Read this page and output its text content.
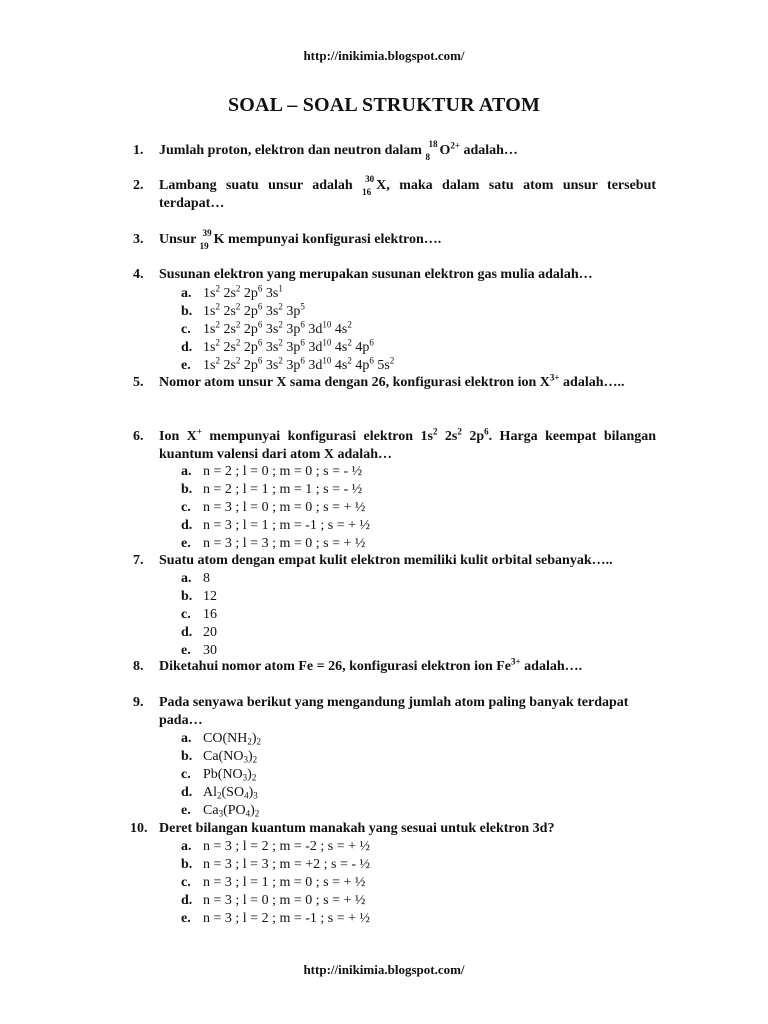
http://inikimia.blogspot.com/
SOAL – SOAL STRUKTUR ATOM
1. Jumlah proton, elektron dan neutron dalam 18
8 $O^{2+}$ adalah…
2. Lambang suatu unsur adalah 30
16 X, maka dalam satu atom unsur tersebut terdapat…
3. Unsur 39
19 K mempunyai konfigurasi elektron….
4. Susunan elektron yang merupakan susunan elektron gas mulia adalah…
a. $1s^2$ $2s^2$ $2p^6$ $3s^1$
b. $1s^2$ $2s^2$ $2p^6$ $3s^2$ $3p^5$
c. $1s^2$ $2s^2$ $2p^6$ $3s^2$ $3p^6$ $3d^{10}$ $4s^2$
d. $1s^2$ $2s^2$ $2p^6$ $3s^2$ $3p^6$ $3d^{10}$ $4s^2$ $4p^6$
e. $1s^2$ $2s^2$ $2p^6$ $3s^2$ $3p^6$ $3d^{10}$ $4s^2$ $4p^6$ $5s^2$
5. Nomor atom unsur X sama dengan 26, konfigurasi elektron ion $X^{3+}$ adalah…..
6. Ion X+ mempunyai konfigurasi elektron $1s^2$ $2s^2$ $2p^6$. Harga keempat bilangan kuantum valensi dari atom X adalah…
a. n = 2 ; l = 0 ; m = 0 ; s = - ½
b. n = 2 ; l = 1 ; m = 1 ; s = - ½
c. n = 3 ; l = 0 ; m = 0 ; s = + ½
d. n = 3 ; l = 1 ; m = -1 ; s = + ½
e. n = 3 ; l = 3 ; m = 0 ; s = + ½
7. Suatu atom dengan empat kulit elektron memiliki kulit orbital sebanyak…..
a. 8
b. 12
c. 16
d. 20
e. 30
8. Diketahui nomor atom Fe = 26, konfigurasi elektron ion $Fe^{3+}$ adalah….
9. Pada senyawa berikut yang mengandung jumlah atom paling banyak terdapat pada…
a. $CO(NH_2)_2$
b. $Ca(NO_3)_2$
c. $Pb(NO_3)_2$
d. $Al_2(SO_4)_3$
e. $Ca_3(PO_4)_2$
10. Deret bilangan kuantum manakah yang sesuai untuk elektron 3d?
a. n = 3 ; l = 2 ; m = -2 ; s = + ½
b. n = 3 ; l = 3 ; m = +2 ; s = - ½
c. n = 3 ; l = 1 ; m = 0 ; s = + ½
d. n = 3 ; l = 0 ; m = 0 ; s = + ½
e. n = 3 ; l = 2 ; m = -1 ; s = + ½
http://inikimia.blogspot.com/
